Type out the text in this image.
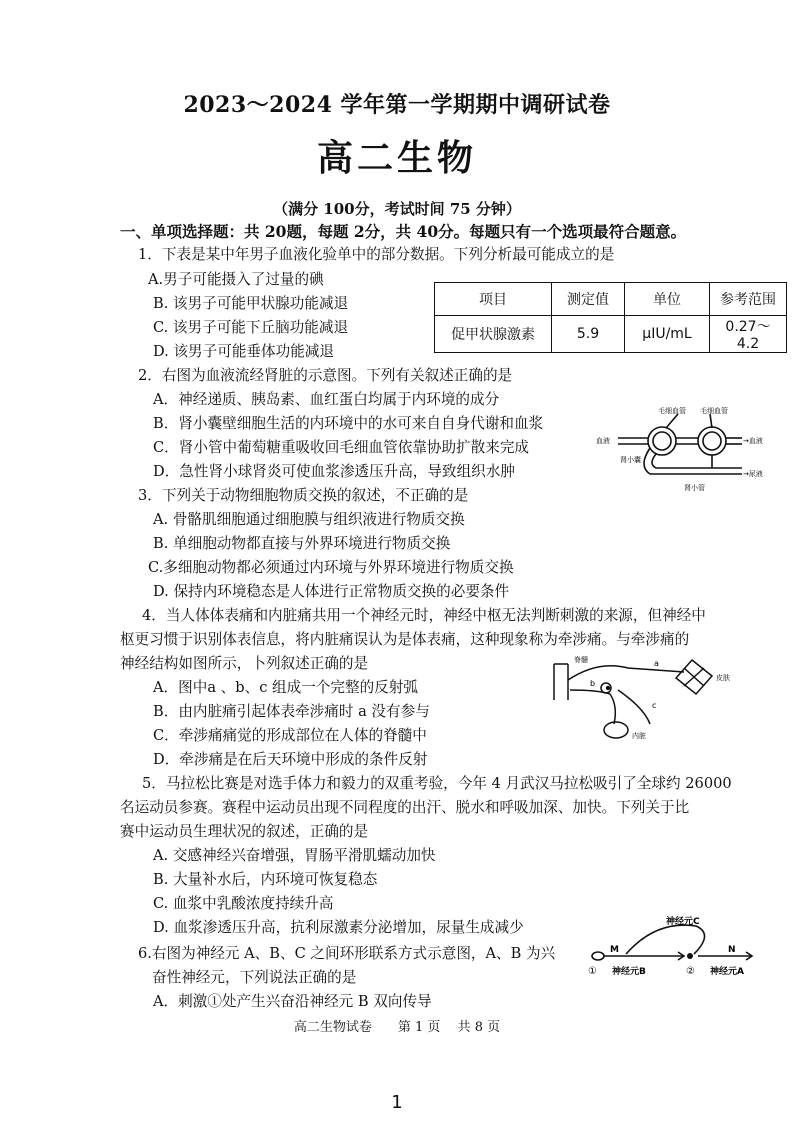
2023～2024 学年第一学期期中调研试卷
高二生物
（满分 100分，考试时间 75 分钟）
一、单项选择题：共 20题，每题 2分，共 40分。每题只有一个选项最符合题意。
1．下表是某中年男子血液化验单中的部分数据。下列分析最可能成立的是
A.男子可能摄入了过量的碘
B. 该男子可能甲状腺功能减退
C. 该男子可能下丘脑功能减退
D. 该男子可能垂体功能减退
项目	测定值	单位	参考范围
促甲状腺激素	5.9	μIU/mL	0.27～4.2
2．右图为血液流经肾脏的示意图。下列有关叙述正确的是
A．神经递质、胰岛素、血红蛋白均属于内环境的成分
B．肾小囊壁细胞生活的内环境中的水可来自自身代谢和血浆
C．肾小管中葡萄糖重吸收回毛细血管依靠协助扩散来完成
D．急性肾小球肾炎可使血浆渗透压升高，导致组织水肿
毛细血管 毛细血管
血液	→血液
肾小囊
→尿液
肾小管
3．下列关于动物细胞物质交换的叙述，不正确的是
A. 骨骼肌细胞通过细胞膜与组织液进行物质交换
B. 单细胞动物都直接与外界环境进行物质交换
C.多细胞动物都必须通过内环境与外界环境进行物质交换
D. 保持内环境稳态是人体进行正常物质交换的必要条件
4．当人体体表痛和内脏痛共用一个神经元时，神经中枢无法判断刺激的来源，但神经中
枢更习惯于识别体表信息，将内脏痛误认为是体表痛，这种现象称为牵涉痛。与牵涉痛的
神经结构如图所示，卜列叙述正确的是
A．图中a 、b、c 组成一个完整的反射弧
B．由内脏痛引起体表牵涉痛时 a 没有参与
C．牵涉痛痛觉的形成部位在人体的脊髓中
D．牵涉痛是在后天环境中形成的条件反射
脊髓
皮肤
内脏
a
b
c
5．马拉松比赛是对选手体力和毅力的双重考验，今年 4 月武汉马拉松吸引了全球约 26000
名运动员参赛。赛程中运动员出现不同程度的出汗、脱水和呼吸加深、加快。下列关于比
赛中运动员生理状况的叙述，正确的是
A. 交感神经兴奋增强，胃肠平滑肌蠕动加快
B. 大量补水后，内环境可恢复稳态
C. 血浆中乳酸浓度持续升高
D. 血浆渗透压升高，抗利尿激素分泌增加，尿量生成减少
6.右图为神经元 A、B、C 之间环形联系方式示意图，A、B 为兴
奋性神经元，下列说法正确的是
A．刺激①处产生兴奋沿神经元 B 双向传导
神经元C
M	N
① 神经元B	② 神经元A
高二生物试卷　　第 1 页　 共 8 页
1
